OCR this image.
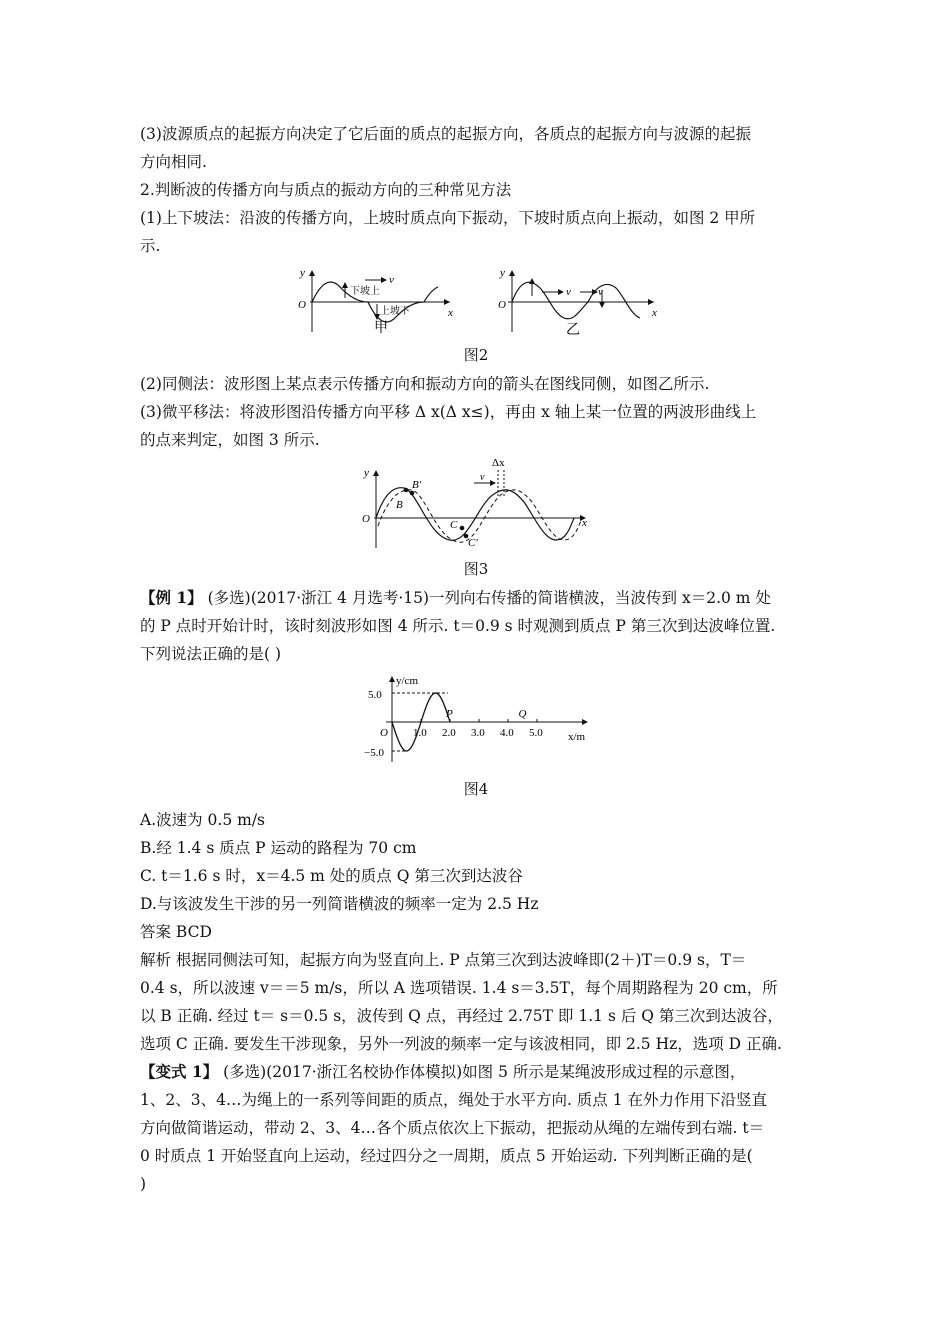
(3)波源质点的起振方向决定了它后面的质点的起振方向，各质点的起振方向与波源的起振
方向相同.
2.判断波的传播方向与质点的振动方向的三种常见方法
(1)上下坡法：沿波的传播方向，上坡时质点向下振动，下坡时质点向上振动，如图 2 甲所
示.
y
O
x
v
下坡上
上坡下
甲
y
O
x
v v
乙
图2
(2)同侧法：波形图上某点表示传播方向和振动方向的箭头在图线同侧，如图乙所示.
(3)微平移法：将波形图沿传播方向平移 Δ x(Δ x≤)，再由 x 轴上某一位置的两波形曲线上
的点来判定，如图 3 所示.
y
O	x
B′
B
C
C′
Δx
v
图3
【例 1】 (多选)(2017·浙江 4 月选考·15)一列向右传播的简谐横波，当波传到 x＝2.0 m 处
的 P 点时开始计时，该时刻波形如图 4 所示. t＝0.9 s 时观测到质点 P 第三次到达波峰位置.
下列说法正确的是( )
y/cm
x/m
5.0
−5.0
O 1.0 2.0 3.0 4.0 5.0
P	Q
图4
A.波速为 0.5 m/s
B.经 1.4 s 质点 P 运动的路程为 70 cm
C. t＝1.6 s 时，x＝4.5 m 处的质点 Q 第三次到达波谷
D.与该波发生干涉的另一列简谐横波的频率一定为 2.5 Hz
答案 BCD
解析 根据同侧法可知，起振方向为竖直向上. P 点第三次到达波峰即(2＋)T＝0.9 s，T＝
0.4 s，所以波速 v＝＝5 m/s，所以 A 选项错误. 1.4 s＝3.5T，每个周期路程为 20 cm，所
以 B 正确. 经过 t＝ s＝0.5 s，波传到 Q 点，再经过 2.75T 即 1.1 s 后 Q 第三次到达波谷，
选项 C 正确. 要发生干涉现象，另外一列波的频率一定与该波相同，即 2.5 Hz，选项 D 正确.
【变式 1】 (多选)(2017·浙江名校协作体模拟)如图 5 所示是某绳波形成过程的示意图，
1、2、3、4…为绳上的一系列等间距的质点，绳处于水平方向. 质点 1 在外力作用下沿竖直
方向做简谐运动，带动 2、3、4…各个质点依次上下振动，把振动从绳的左端传到右端. t＝
0 时质点 1 开始竖直向上运动，经过四分之一周期，质点 5 开始运动. 下列判断正确的是(
)
